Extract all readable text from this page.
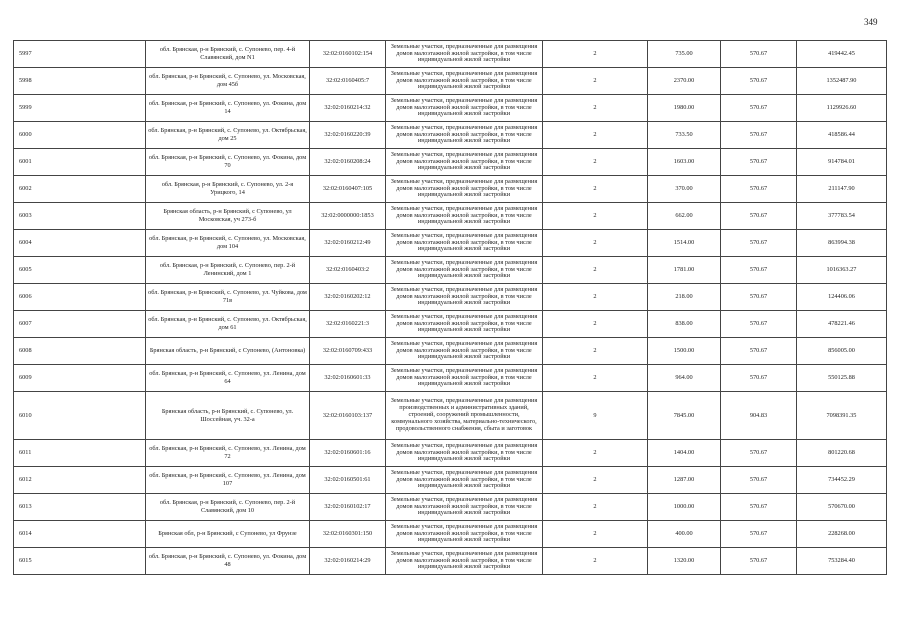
349
5997	обл. Брянская, р-н Брянский, с. Супонево, пер. 4-й Славянский, дом N1	32:02:0160102:154	Земельные участки, предназначенные для размещения домов малоэтажной жилой застройки, в том числе индивидуальной жилой застройки	2	735.00	570.67	419442.45
5998	обл. Брянская, р-н Брянский, с. Супонево, ул. Московская, дом 45б	32:02:0160405:7	Земельные участки, предназначенные для размещения домов малоэтажной жилой застройки, в том числе индивидуальной жилой застройки	2	2370.00	570.67	1352487.90
5999	обл. Брянская, р-н Брянский, с. Супонево, ул. Фокина, дом 14	32:02:0160214:32	Земельные участки, предназначенные для размещения домов малоэтажной жилой застройки, в том числе индивидуальной жилой застройки	2	1980.00	570.67	1129926.60
6000	обл. Брянская, р-н Брянский, с. Супонево, ул. Октябрьская, дом 25	32:02:0160220:39	Земельные участки, предназначенные для размещения домов малоэтажной жилой застройки, в том числе индивидуальной жилой застройки	2	733.50	570.67	418586.44
6001	обл. Брянская, р-н Брянский, с. Супонево, ул. Фокина, дом 70	32:02:0160208:24	Земельные участки, предназначенные для размещения домов малоэтажной жилой застройки, в том числе индивидуальной жилой застройки	2	1603.00	570.67	914784.01
6002	обл. Брянская, р-н Брянский, с. Супонево, ул. 2-я Урицкого, 14	32:02:0160407:105	Земельные участки, предназначенные для размещения домов малоэтажной жилой застройки, в том числе индивидуальной жилой застройки	2	370.00	570.67	211147.90
6003	Брянская область, р-н Брянский, с Супонево, ул Московская, уч 273-б	32:02:0000000:1853	Земельные участки, предназначенные для размещения домов малоэтажной жилой застройки, в том числе индивидуальной жилой застройки	2	662.00	570.67	377783.54
6004	обл. Брянская, р-н Брянский, с. Супонево, ул. Московская, дом 104	32:02:0160212:49	Земельные участки, предназначенные для размещения домов малоэтажной жилой застройки, в том числе индивидуальной жилой застройки	2	1514.00	570.67	863994.38
6005	обл. Брянская, р-н Брянский, с. Супонево, пер. 2-й Ленинский, дом 1	32:02:0160403:2	Земельные участки, предназначенные для размещения домов малоэтажной жилой застройки, в том числе индивидуальной жилой застройки	2	1781.00	570.67	1016363.27
6006	обл. Брянская, р-н Брянский, с. Супонево, ул. Чуйкова, дом 71в	32:02:0160202:12	Земельные участки, предназначенные для размещения домов малоэтажной жилой застройки, в том числе индивидуальной жилой застройки	2	218.00	570.67	124406.06
6007	обл. Брянская, р-н Брянский, с. Супонево, ул. Октябрьская, дом 61	32:02:0160221:3	Земельные участки, предназначенные для размещения домов малоэтажной жилой застройки, в том числе индивидуальной жилой застройки	2	838.00	570.67	478221.46
6008	Брянская область, р-н Брянский, с Супонево, (Антоновка)	32:02:0160709:433	Земельные участки, предназначенные для размещения домов малоэтажной жилой застройки, в том числе индивидуальной жилой застройки	2	1500.00	570.67	856005.00
6009	обл. Брянская, р-н Брянский, с. Супонево, ул. Ленина, дом 64	32:02:0160601:33	Земельные участки, предназначенные для размещения домов малоэтажной жилой застройки, в том числе индивидуальной жилой застройки	2	964.00	570.67	550125.88
6010	Брянская область, р-н Брянский, с. Супонево, ул. Шоссейная, уч. 32-а	32:02:0160103:137	Земельные участки, предназначенные для размещения производственных и административных зданий, строений, сооружений промышленности, коммунального хозяйства, материально-технического, продовольственного снабжения, сбыта и заготовок	9	7845.00	904.83	7098391.35
6011	обл. Брянская, р-н Брянский, с. Супонево, ул. Ленина, дом 72	32:02:0160601:16	Земельные участки, предназначенные для размещения домов малоэтажной жилой застройки, в том числе индивидуальной жилой застройки	2	1404.00	570.67	801220.68
6012	обл. Брянская, р-н Брянский, с. Супонево, ул. Ленина, дом 107	32:02:0160501:61	Земельные участки, предназначенные для размещения домов малоэтажной жилой застройки, в том числе индивидуальной жилой застройки	2	1287.00	570.67	734452.29
6013	обл. Брянская, р-н Брянский, с. Супонево, пер. 2-й Славянский, дом 10	32:02:0160102:17	Земельные участки, предназначенные для размещения домов малоэтажной жилой застройки, в том числе индивидуальной жилой застройки	2	1000.00	570.67	570670.00
6014	Брянская обл, р-н Брянский, с Супонево, ул Фрунзе	32:02:0160301:150	Земельные участки, предназначенные для размещения домов малоэтажной жилой застройки, в том числе индивидуальной жилой застройки	2	400.00	570.67	228268.00
6015	обл. Брянская, р-н Брянский, с. Супонево, ул. Фокина, дом 48	32:02:0160214:29	Земельные участки, предназначенные для размещения домов малоэтажной жилой застройки, в том числе индивидуальной жилой застройки	2	1320.00	570.67	753284.40
